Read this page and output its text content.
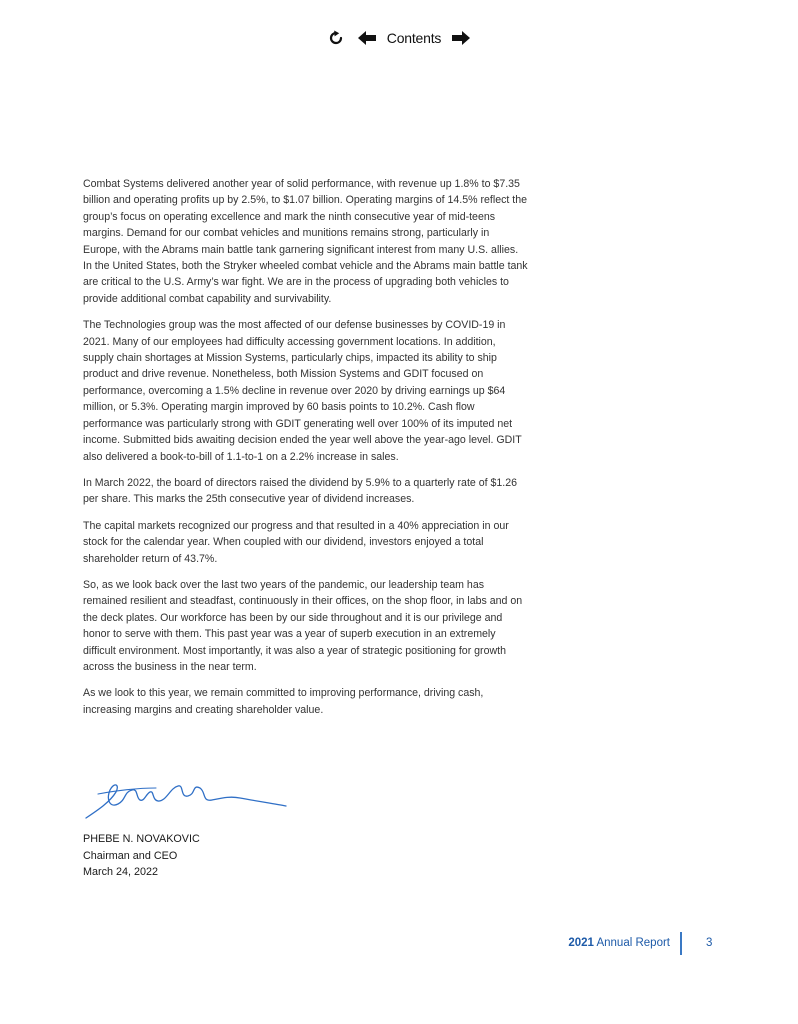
Contents

Combat Systems delivered another year of solid performance, with revenue up 1.8% to $7.35 billion and operating profits up by 2.5%, to $1.07 billion. Operating margins of 14.5% reflect the group’s focus on operating excellence and mark the ninth consecutive year of mid-teens margins. Demand for our combat vehicles and munitions remains strong, particularly in Europe, with the Abrams main battle tank garnering significant interest from many U.S. allies. In the United States, both the Stryker wheeled combat vehicle and the Abrams main battle tank are critical to the U.S. Army’s war fight. We are in the process of upgrading both vehicles to provide additional combat capability and survivability.

The Technologies group was the most affected of our defense businesses by COVID-19 in 2021. Many of our employees had difficulty accessing government locations. In addition, supply chain shortages at Mission Systems, particularly chips, impacted its ability to ship product and drive revenue. Nonetheless, both Mission Systems and GDIT focused on performance, overcoming a 1.5% decline in revenue over 2020 by driving earnings up $64 million, or 5.3%. Operating margin improved by 60 basis points to 10.2%. Cash flow performance was particularly strong with GDIT generating well over 100% of its imputed net income. Submitted bids awaiting decision ended the year well above the year-ago level. GDIT also delivered a book-to-bill of 1.1-to-1 on a 2.2% increase in sales.

In March 2022, the board of directors raised the dividend by 5.9% to a quarterly rate of $1.26 per share. This marks the 25th consecutive year of dividend increases.

The capital markets recognized our progress and that resulted in a 40% appreciation in our stock for the calendar year. When coupled with our dividend, investors enjoyed a total shareholder return of 43.7%.

So, as we look back over the last two years of the pandemic, our leadership team has remained resilient and steadfast, continuously in their offices, on the shop floor, in labs and on the deck plates. Our workforce has been by our side throughout and it is our privilege and honor to serve with them. This past year was a year of superb execution in an extremely difficult environment. Most importantly, it was also a year of strategic positioning for growth across the business in the near term.

As we look to this year, we remain committed to improving performance, driving cash, increasing margins and creating shareholder value.

PHEBE N. NOVAKOVIC
Chairman and CEO
March 24, 2022
2021 Annual Report	3
